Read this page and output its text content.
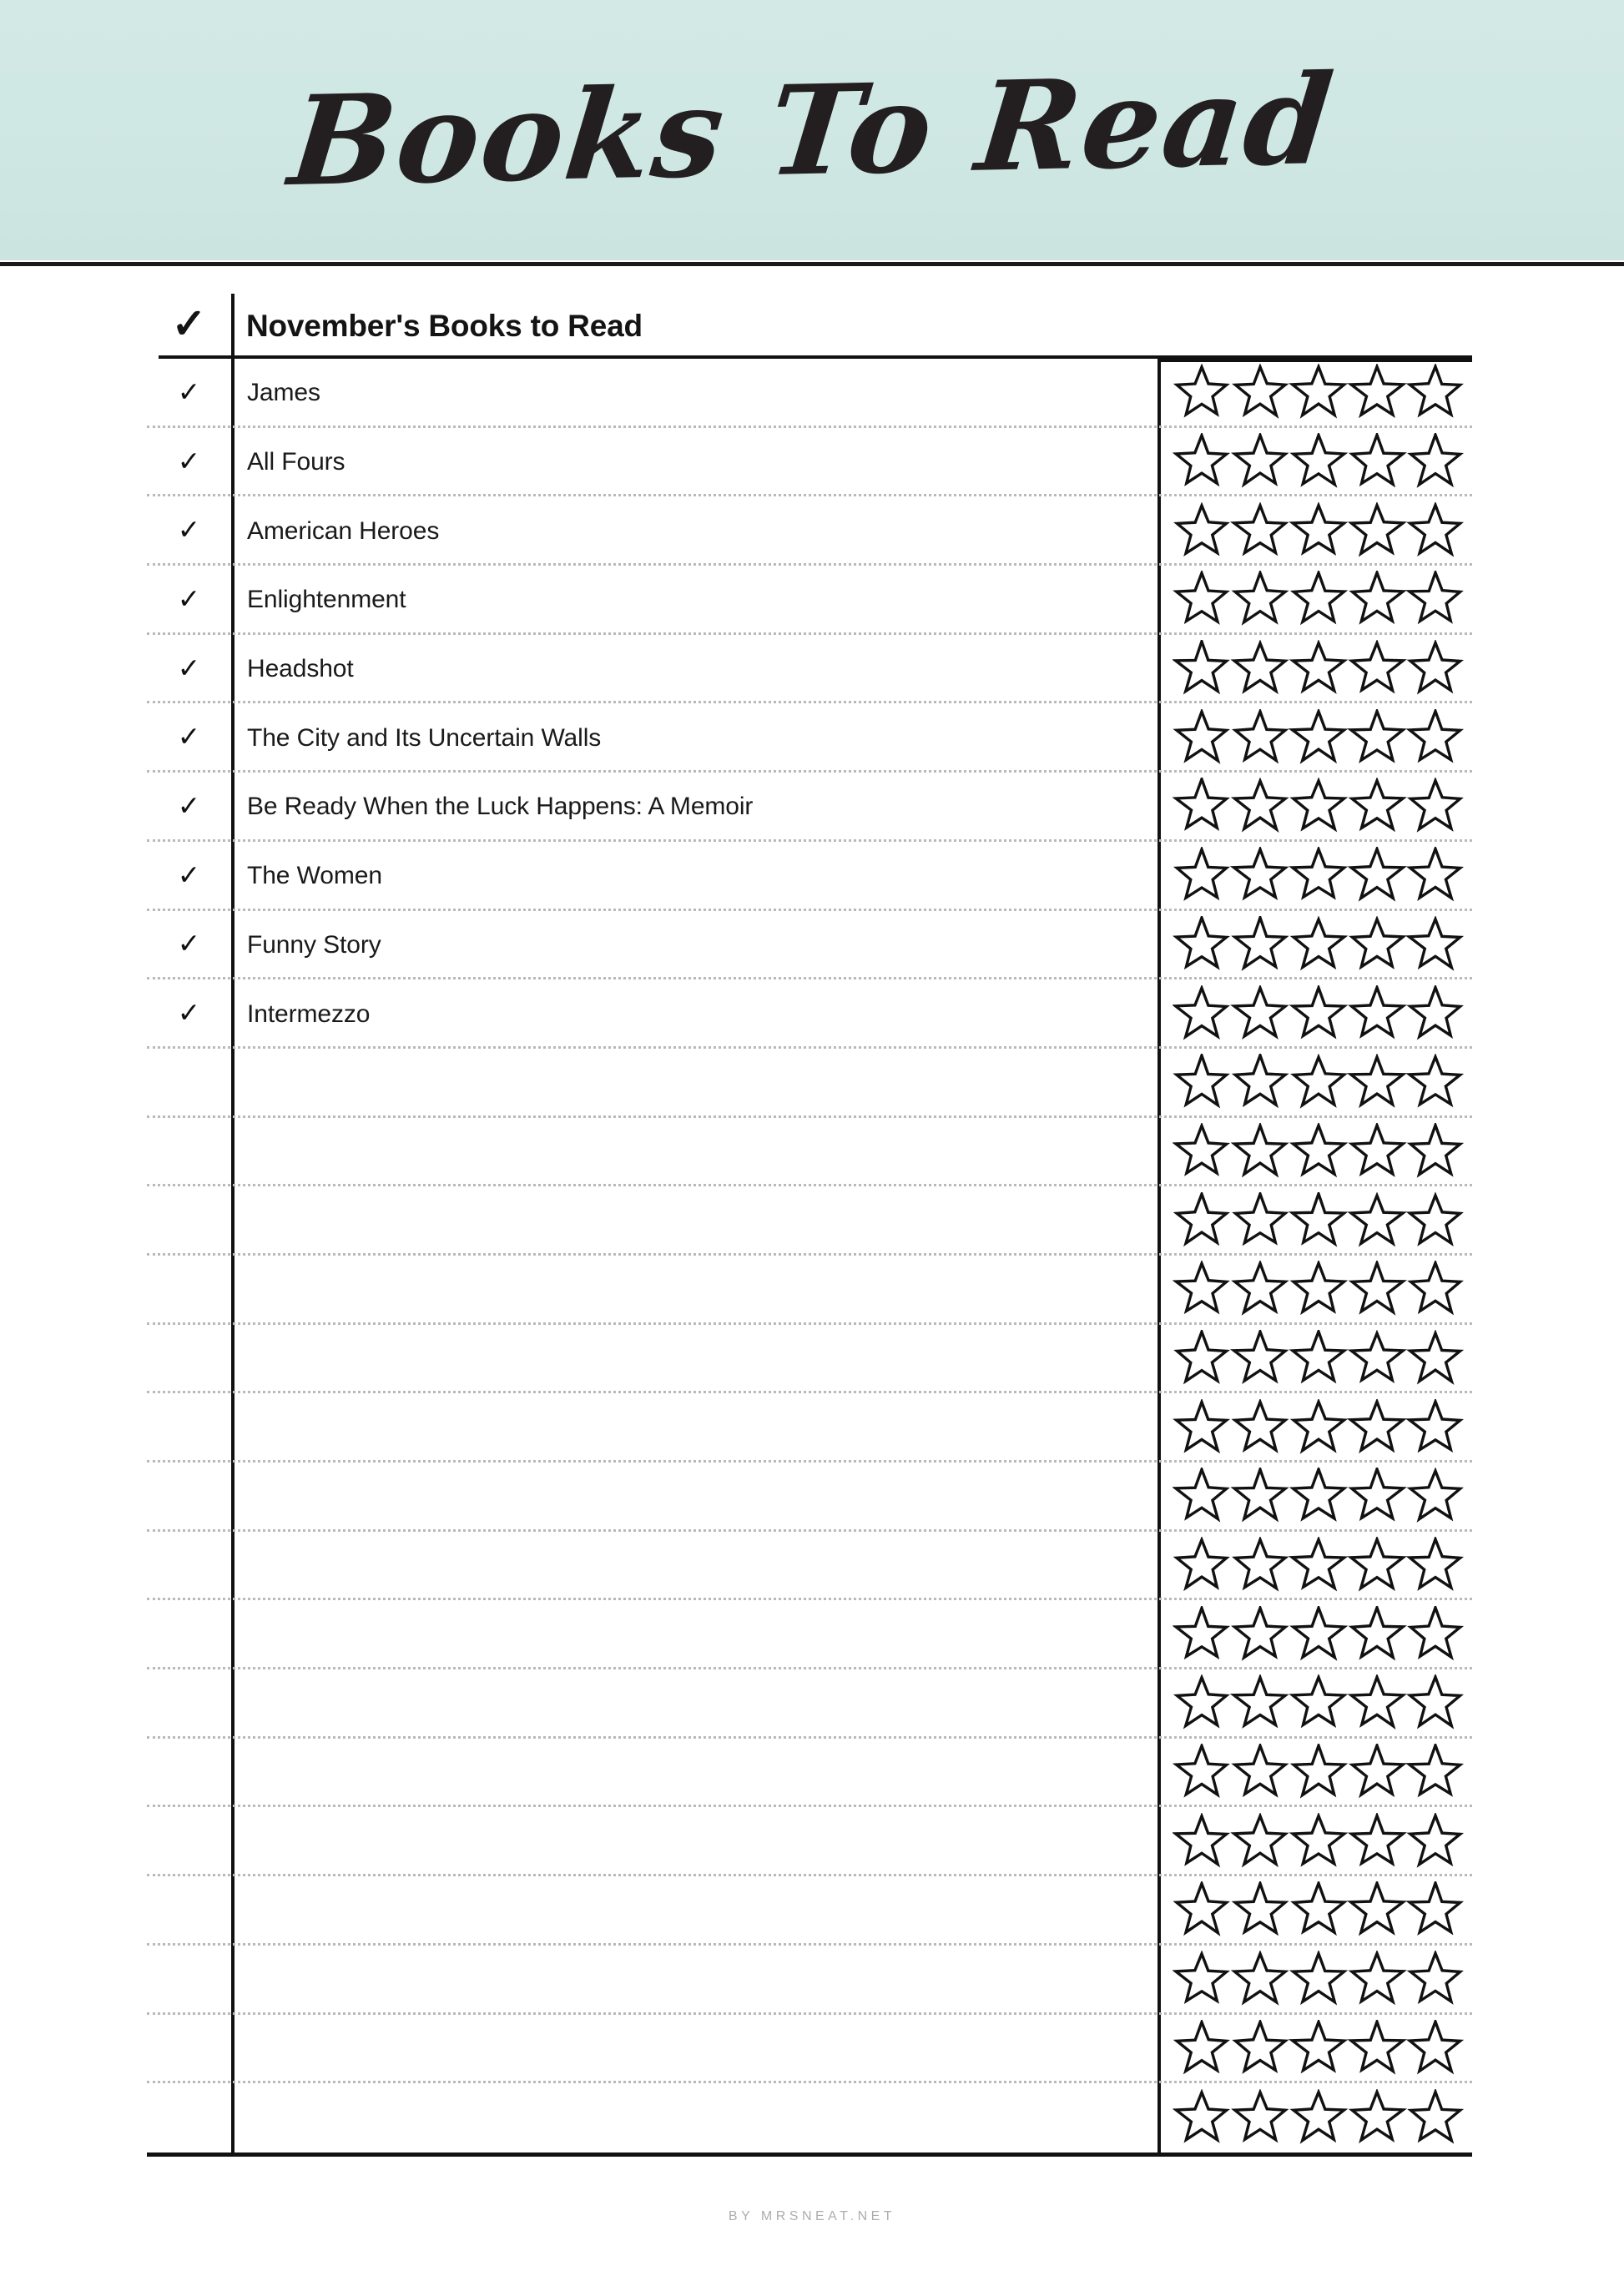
Books To Read
✓	November's Books to Read
✓	James
✓	All Fours
✓	American Heroes
✓	Enlightenment
✓	Headshot
✓	The City and Its Uncertain Walls
✓	Be Ready When the Luck Happens: A Memoir
✓	The Women
✓	Funny Story
✓	Intermezzo
BY MRSNEAT.NET
